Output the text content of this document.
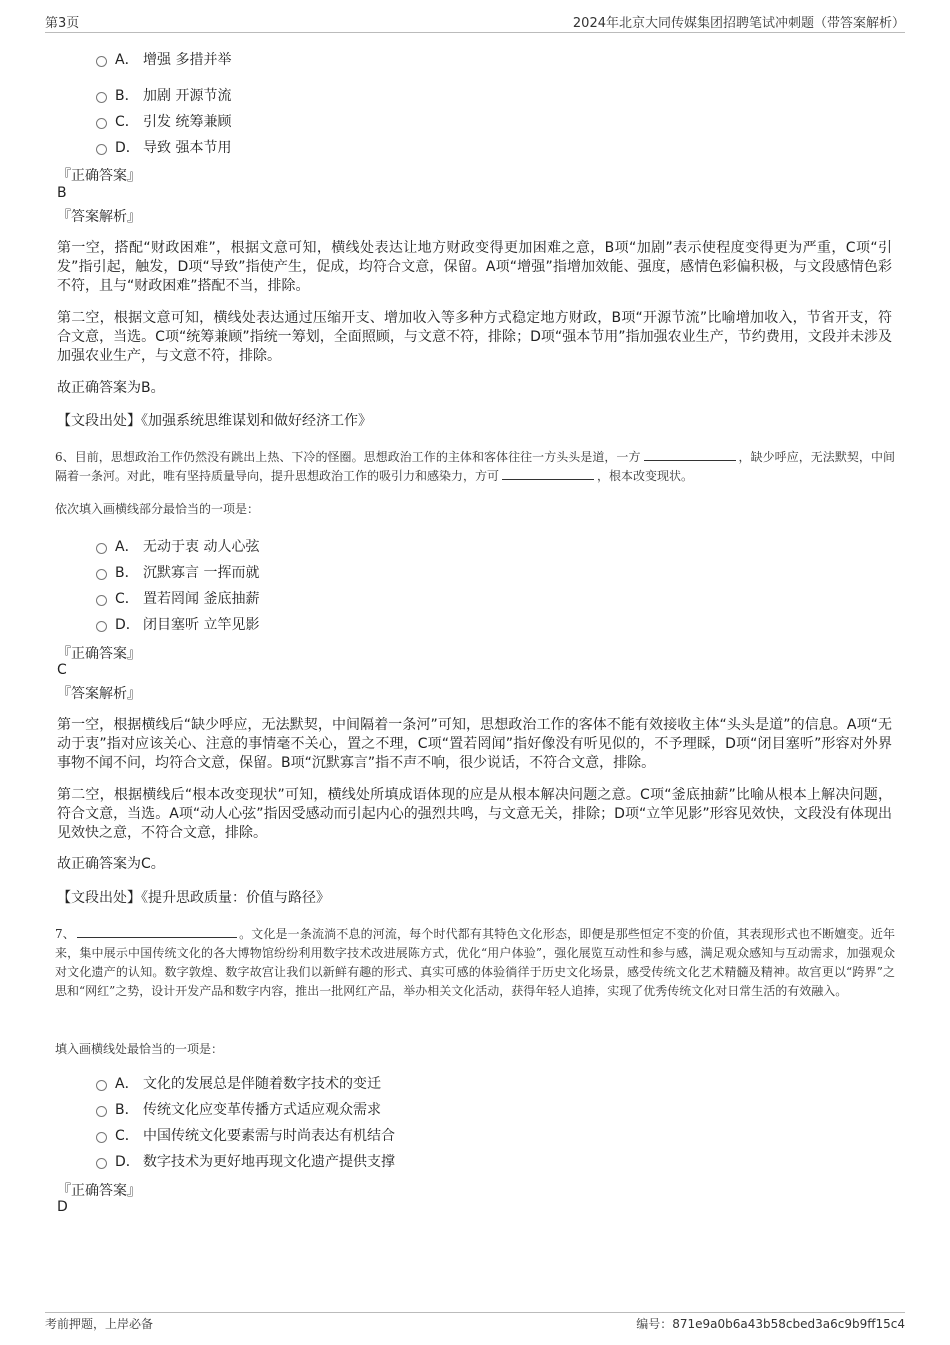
第3页	2024年北京大同传媒集团招聘笔试冲刺题（带答案解析）
A． 增强 多措并举
B． 加剧 开源节流
C． 引发 统筹兼顾
D． 导致 强本节用
『正确答案』
B
『答案解析』
第一空，搭配“财政困难”，根据文意可知，横线处表达让地方财政变得更加困难之意，B项“加剧”表示使程度变得更为严重，C项“引发”指引起，触发，D项“导致”指使产生，促成，均符合文意，保留。A项“增强”指增加效能、强度，感情色彩偏积极，与文段感情色彩不符，且与“财政困难”搭配不当，排除。
第二空，根据文意可知，横线处表达通过压缩开支、增加收入等多种方式稳定地方财政，B项“开源节流”比喻增加收入，节省开支，符合文意，当选。C项“统筹兼顾”指统一筹划，全面照顾，与文意不符，排除；D项“强本节用”指加强农业生产，节约费用，文段并未涉及加强农业生产，与文意不符，排除。
故正确答案为B。
【文段出处】《加强系统思维谋划和做好经济工作》
6、目前，思想政治工作仍然没有跳出上热、下冷的怪圈。思想政治工作的主体和客体往往一方头头是道，一方	，缺少呼应，无法默契，中间隔着一条河。对此，唯有坚持质量导向，提升思想政治工作的吸引力和感染力，方可	，根本改变现状。
依次填入画横线部分最恰当的一项是：
A． 无动于衷 动人心弦
B． 沉默寡言 一挥而就
C． 置若罔闻 釜底抽薪
D． 闭目塞听 立竿见影
『正确答案』
C
『答案解析』
第一空，根据横线后“缺少呼应，无法默契，中间隔着一条河”可知，思想政治工作的客体不能有效接收主体“头头是道”的信息。A项“无动于衷”指对应该关心、注意的事情毫不关心，置之不理，C项“置若罔闻”指好像没有听见似的，不予理睬，D项“闭目塞听”形容对外界事物不闻不问，均符合文意，保留。B项“沉默寡言”指不声不响，很少说话，不符合文意，排除。
第二空，根据横线后“根本改变现状”可知，横线处所填成语体现的应是从根本解决问题之意。C项“釜底抽薪”比喻从根本上解决问题，符合文意，当选。A项“动人心弦”指因受感动而引起内心的强烈共鸣，与文意无关，排除；D项“立竿见影”形容见效快，文段没有体现出见效快之意，不符合文意，排除。
故正确答案为C。
【文段出处】《提升思政质量：价值与路径》
7、	。文化是一条流淌不息的河流，每个时代都有其特色文化形态，即便是那些恒定不变的价值，其表现形式也不断嬗变。近年来，集中展示中国传统文化的各大博物馆纷纷利用数字技术改进展陈方式，优化“用户体验”，强化展览互动性和参与感，满足观众感知与互动需求，加强观众对文化遗产的认知。数字敦煌、数字故宫让我们以新鲜有趣的形式、真实可感的体验徜徉于历史文化场景，感受传统文化艺术精髓及精神。故宫更以“跨界”之思和“网红”之势，设计开发产品和数字内容，推出一批网红产品，举办相关文化活动，获得年轻人追捧，实现了优秀传统文化对日常生活的有效融入。
填入画横线处最恰当的一项是：
A． 文化的发展总是伴随着数字技术的变迁
B． 传统文化应变革传播方式适应观众需求
C． 中国传统文化要素需与时尚表达有机结合
D． 数字技术为更好地再现文化遗产提供支撑
『正确答案』
D
考前押题，上岸必备	编号：871e9a0b6a43b58cbed3a6c9b9ff15c4
